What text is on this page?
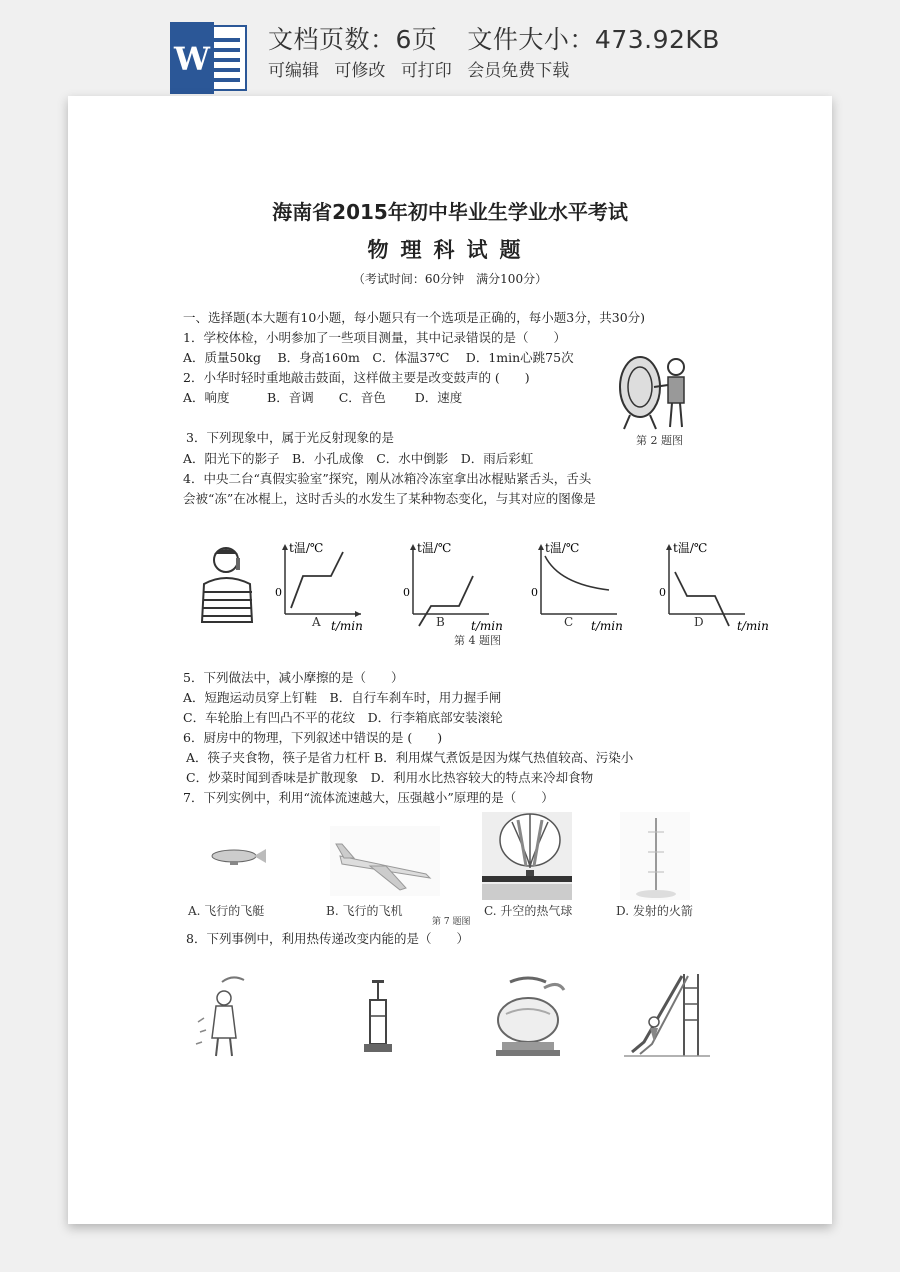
W
文档页数：6页 文件大小：473.92KB
可编辑 可修改 可打印 会员免费下载
海南省2015年初中毕业生学业水平考试
物理科试题
（考试时间：60分钟　满分100分）
一、选择题(本大题有10小题，每小题只有一个选项是正确的，每小题3分，共30分)
1．学校体检，小明参加了一些项目测量，其中记录错误的是（　　）
A．质量50kg　 B．身高160m　C．体温37℃　 D．1min心跳75次
2．小华时轻时重地敲击鼓面，这样做主要是改变鼓声的 (　　)
A．响度　　　B．音调　　C．音色　　 D．速度
第 2 题图
3．下列现象中，属于光反射现象的是
A．阳光下的影子　B．小孔成像　C．水中倒影　D．雨后彩虹
4．中央二台“真假实验室”探究，刚从冰箱冷冻室拿出冰棍贴紧舌头，舌头
会被“冻”在冰棍上，这时舌头的水发生了某种物态变化，与其对应的图像是
t温/℃
0
t/min
t温/℃
0
t/min
t温/℃
0
t/min
t温/℃
0
t/min
A	B	C	D
第 4 题图
5．下列做法中，减小摩擦的是（　　）
A．短跑运动员穿上钉鞋　B．自行车刹车时，用力握手闸
C．车轮胎上有凹凸不平的花纹　D．行李箱底部安装滚轮
6．厨房中的物理，下列叙述中错误的是 (　　)
A．筷子夹食物，筷子是省力杠杆 B．利用煤气煮饭是因为煤气热值较高、污染小
C．炒菜时闻到香味是扩散现象　D．利用水比热容较大的特点来冷却食物
7．下列实例中，利用“流体流速越大，压强越小”原理的是（　　）
A. 飞行的飞艇	B. 飞行的飞机	C. 升空的热气球	D. 发射的火箭
第 7 题图
8．下列事例中，利用热传递改变内能的是（　　）
